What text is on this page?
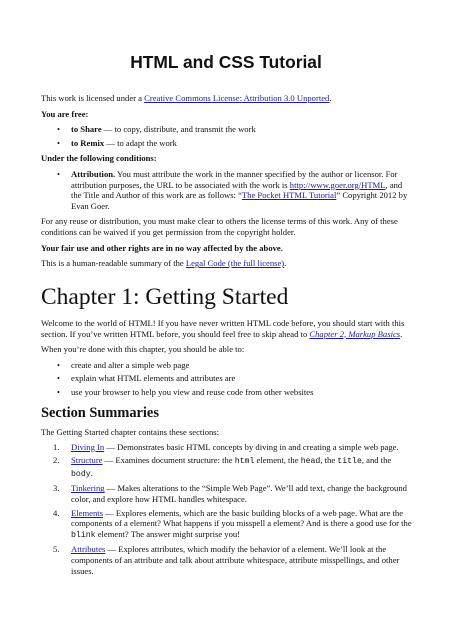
HTML and CSS Tutorial

This work is licensed under a Creative Commons License: Attribution 3.0 Unported.

You are free:

• to Share — to copy, distribute, and transmit the work
• to Remix — to adapt the work

Under the following conditions:

• Attribution. You must attribute the work in the manner specified by the author or licensor. For attribution purposes, the URL to be associated with the work is http://www.goer.org/HTML, and the Title and Author of this work are as follows: “The Pocket HTML Tutorial” Copyright 2012 by Evan Goer.

For any reuse or distribution, you must make clear to others the license terms of this work. Any of these conditions can be waived if you get permission from the copyright holder.

Your fair use and other rights are in no way affected by the above.

This is a human-readable summary of the Legal Code (the full license).

Chapter 1: Getting Started

Welcome to the world of HTML! If you have never written HTML code before, you should start with this section. If you’ve written HTML before, you should feel free to skip ahead to Chapter 2, Markup Basics.

When you’re done with this chapter, you should be able to:

• create and alter a simple web page
• explain what HTML elements and attributes are
• use your browser to help you view and reuse code from other websites
Section Summaries

The Getting Started chapter contains these sections:

1. Diving In — Demonstrates basic HTML concepts by diving in and creating a simple web page.
2. Structure — Examines document structure: the html element, the head, the title, and the body.
3. Tinkering — Makes alterations to the “Simple Web Page”. We’ll add text, change the background color, and explore how HTML handles whitespace.
4. Elements — Explores elements, which are the basic building blocks of a web page. What are the components of a element? What happens if you misspell a element? And is there a good use for the blink element? The answer might surprise you!
5. Attributes — Explores attributes, which modify the behavior of a element. We’ll look at the components of an attribute and talk about attribute whitespace, attribute misspellings, and other issues.
